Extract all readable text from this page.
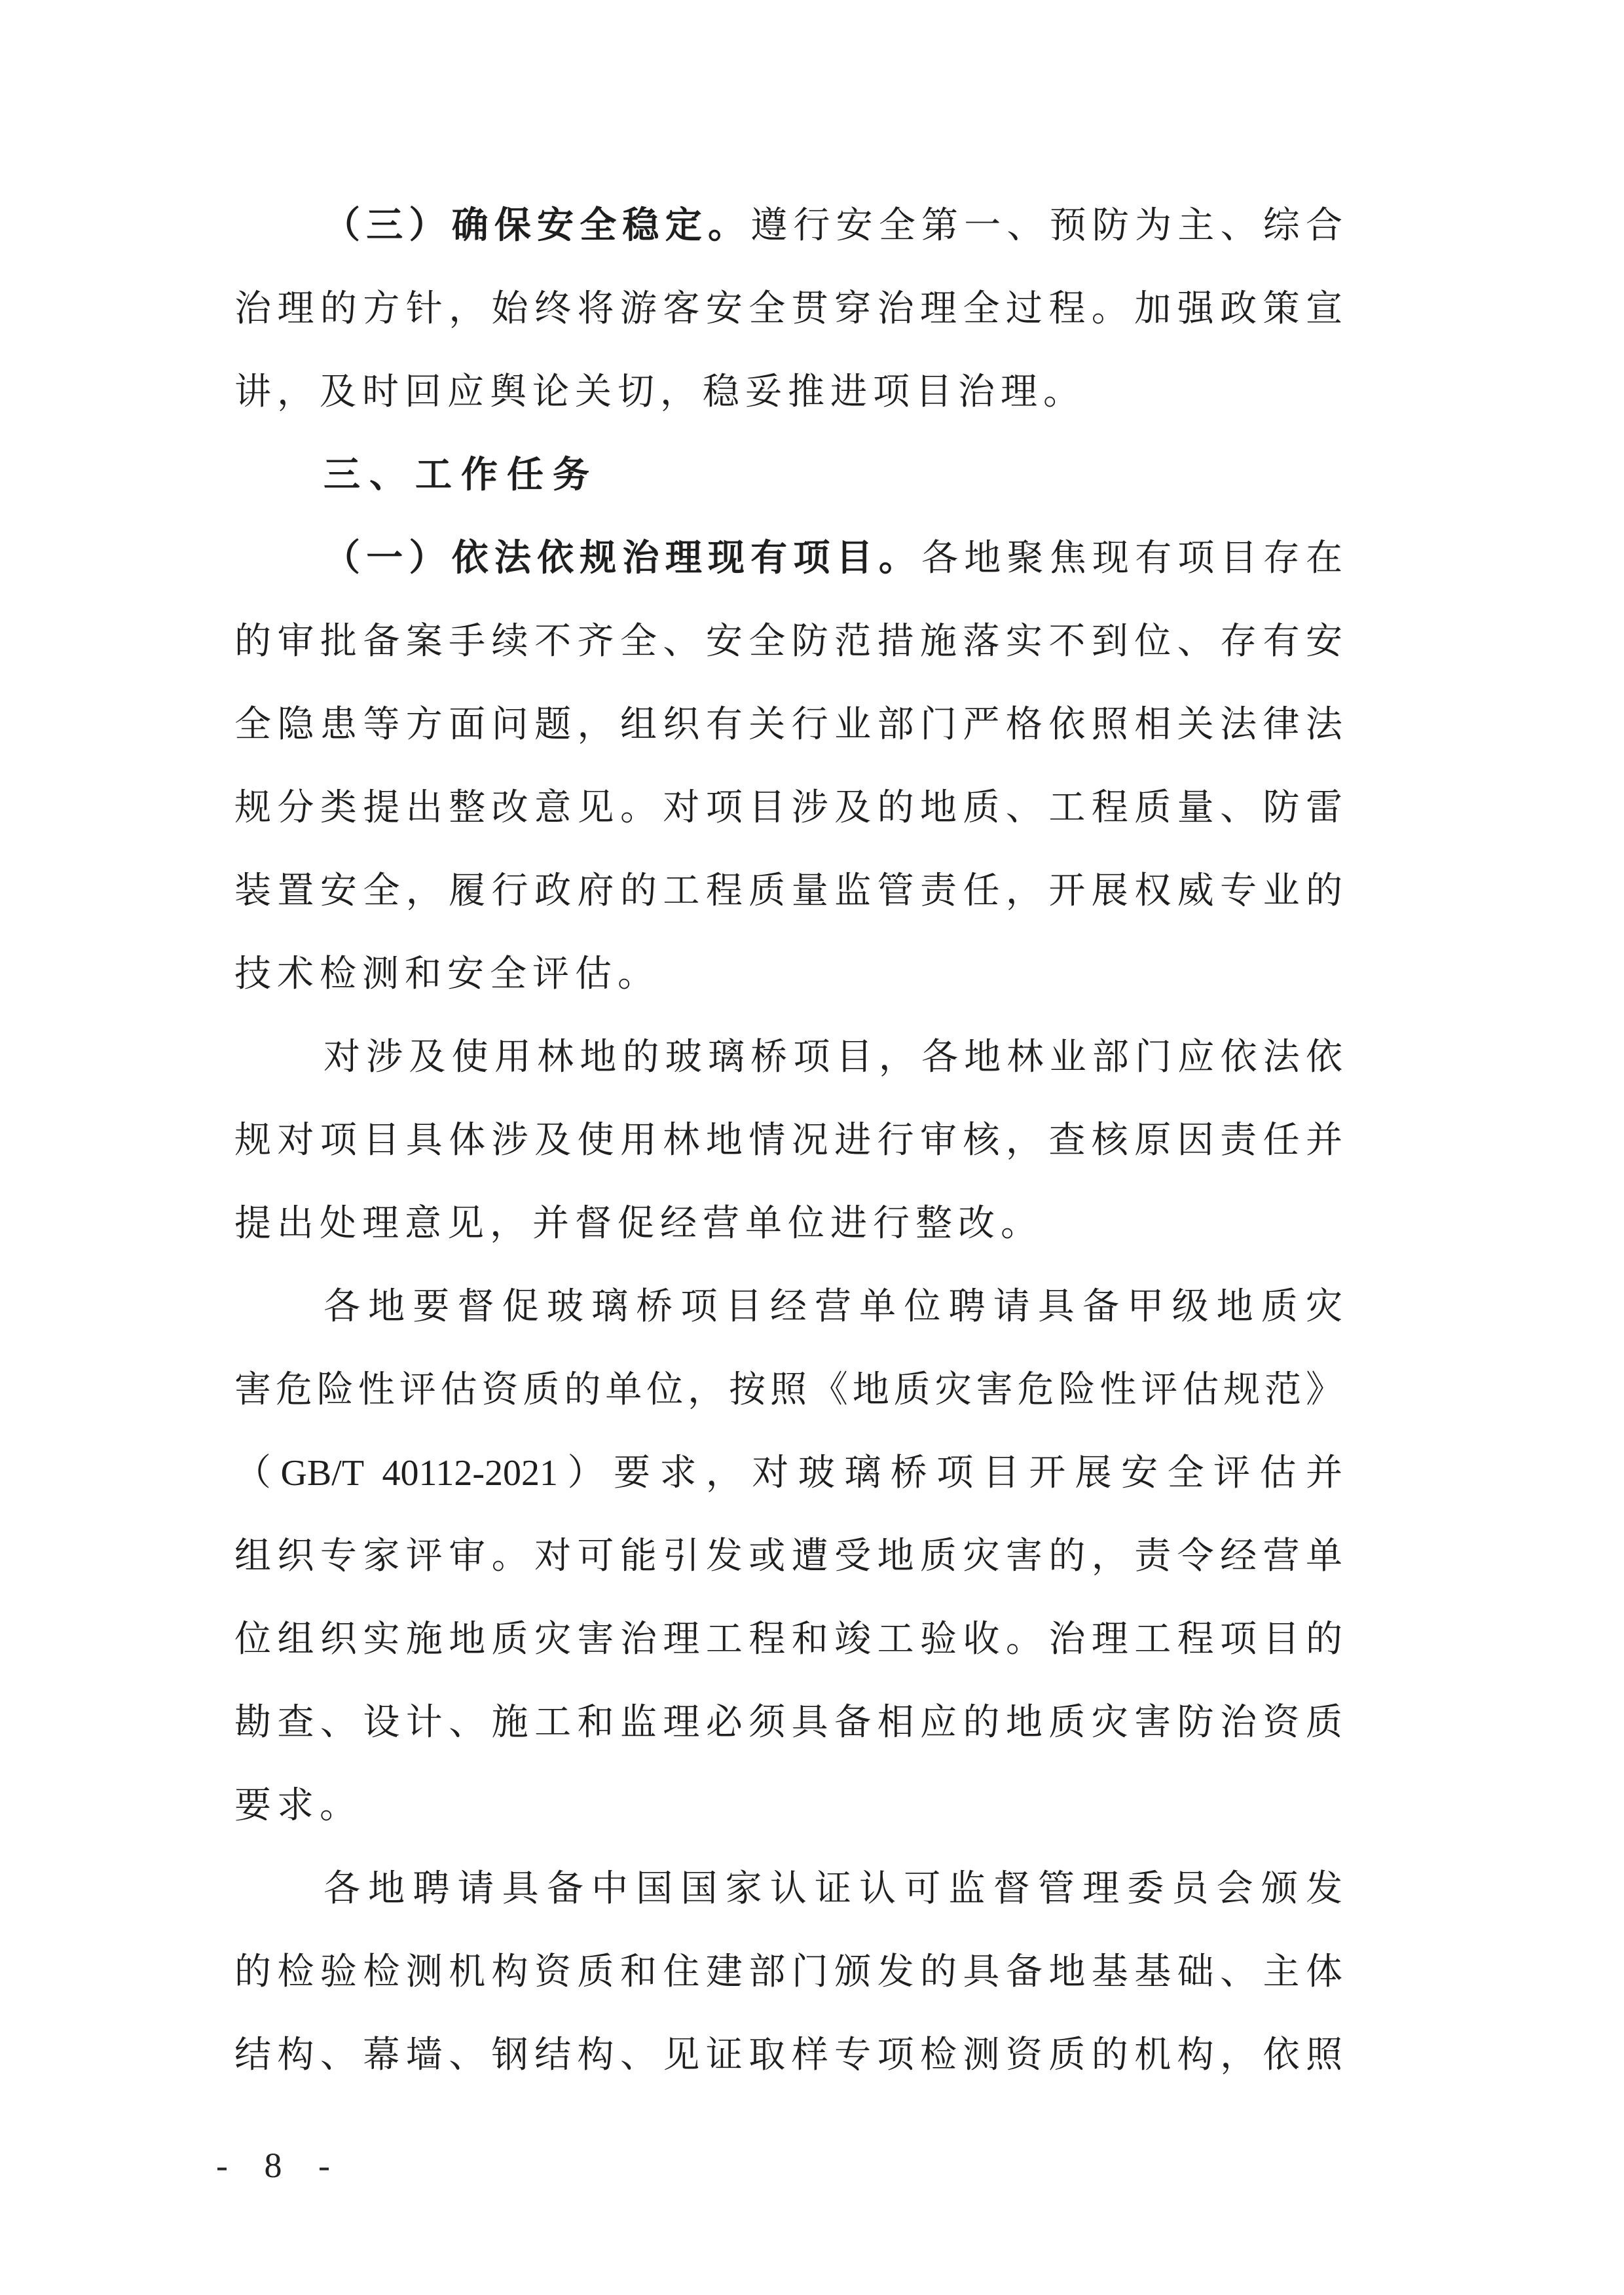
（三）确保安全稳定。遵行安全第一、预防为主、综合
治理的方针，始终将游客安全贯穿治理全过程。加强政策宣
讲，及时回应舆论关切，稳妥推进项目治理。
三、工作任务
（一）依法依规治理现有项目。各地聚焦现有项目存在
的审批备案手续不齐全、安全防范措施落实不到位、存有安
全隐患等方面问题，组织有关行业部门严格依照相关法律法
规分类提出整改意见。对项目涉及的地质、工程质量、防雷
装置安全，履行政府的工程质量监管责任，开展权威专业的
技术检测和安全评估。
对涉及使用林地的玻璃桥项目，各地林业部门应依法依
规对项目具体涉及使用林地情况进行审核，查核原因责任并
提出处理意见，并督促经营单位进行整改。
各地要督促玻璃桥项目经营单位聘请具备甲级地质灾
害危险性评估资质的单位，按照《地质灾害危险性评估规范》
（GB/T 40112-2021）要求，对玻璃桥项目开展安全评估并
组织专家评审。对可能引发或遭受地质灾害的，责令经营单
位组织实施地质灾害治理工程和竣工验收。治理工程项目的
勘查、设计、施工和监理必须具备相应的地质灾害防治资质
要求。
各地聘请具备中国国家认证认可监督管理委员会颁发
的检验检测机构资质和住建部门颁发的具备地基基础、主体
结构、幕墙、钢结构、见证取样专项检测资质的机构，依照
- 8 -
